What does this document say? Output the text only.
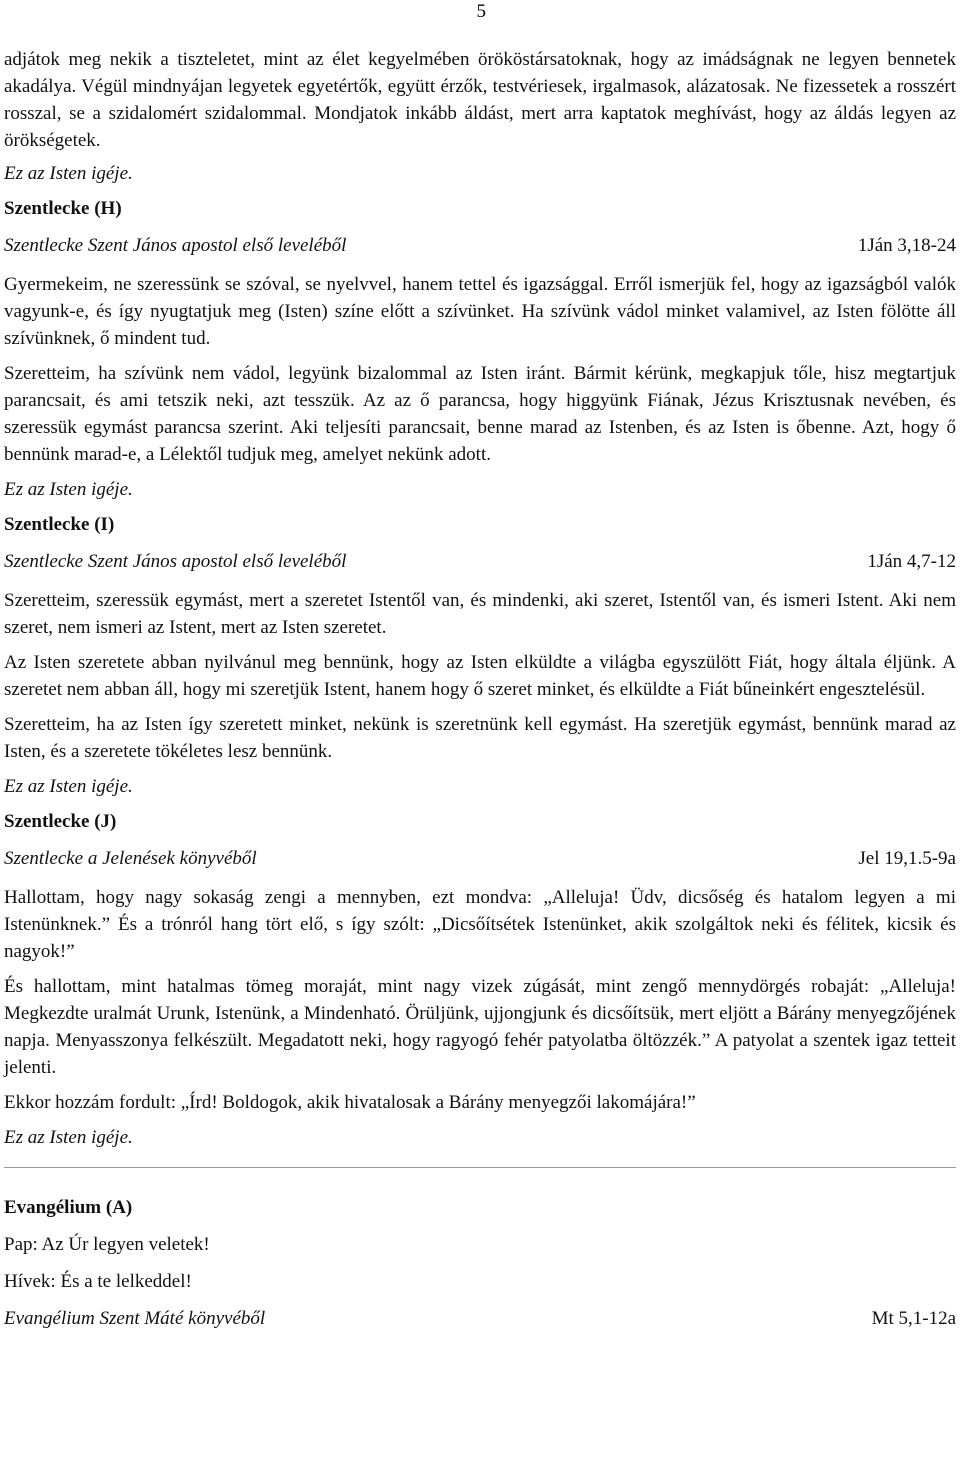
5

adjátok meg nekik a tiszteletet, mint az élet kegyelmében örököstársatoknak, hogy az imádságnak ne legyen bennetek akadálya. Végül mindnyájan legyetek egyetértők, együtt érzők, testvériesek, irgalmasok, alázatosak. Ne fizessetek a rosszért rosszal, se a szidalomért szidalommal. Mondjatok inkább áldást, mert arra kaptatok meghívást, hogy az áldás legyen az örökségetek.

Ez az Isten igéje.

Szentlecke (H)

Szentlecke Szent János apostol első leveléből	1Ján 3,18-24

Gyermekeim, ne szeressünk se szóval, se nyelvvel, hanem tettel és igazsággal. Erről ismerjük fel, hogy az igazságból valók vagyunk-e, és így nyugtatjuk meg (Isten) színe előtt a szívünket. Ha szívünk vádol minket valamivel, az Isten fölötte áll szívünknek, ő mindent tud.

Szeretteim, ha szívünk nem vádol, legyünk bizalommal az Isten iránt. Bármit kérünk, megkapjuk tőle, hisz megtartjuk parancsait, és ami tetszik neki, azt tesszük. Az az ő parancsa, hogy higgyünk Fiának, Jézus Krisztusnak nevében, és szeressük egymást parancsa szerint. Aki teljesíti parancsait, benne marad az Istenben, és az Isten is őbenne. Azt, hogy ő bennünk marad-e, a Lélektől tudjuk meg, amelyet nekünk adott.

Ez az Isten igéje.

Szentlecke (I)

Szentlecke Szent János apostol első leveléből	1Ján 4,7-12

Szeretteim, szeressük egymást, mert a szeretet Istentől van, és mindenki, aki szeret, Istentől van, és ismeri Istent. Aki nem szeret, nem ismeri az Istent, mert az Isten szeretet.

Az Isten szeretete abban nyilvánul meg bennünk, hogy az Isten elküldte a világba egyszülött Fiát, hogy általa éljünk. A szeretet nem abban áll, hogy mi szeretjük Istent, hanem hogy ő szeret minket, és elküldte a Fiát bűneinkért engesztelésül.

Szeretteim, ha az Isten így szeretett minket, nekünk is szeretnünk kell egymást. Ha szeretjük egymást, bennünk marad az Isten, és a szeretete tökéletes lesz bennünk.

Ez az Isten igéje.

Szentlecke (J)

Szentlecke a Jelenések könyvéből	Jel 19,1.5-9a

Hallottam, hogy nagy sokaság zengi a mennyben, ezt mondva: „Alleluja! Üdv, dicsőség és hatalom legyen a mi Istenünknek.” És a trónról hang tört elő, s így szólt: „Dicsőítsétek Istenünket, akik szolgáltok neki és félitek, kicsik és nagyok!”

És hallottam, mint hatalmas tömeg moraját, mint nagy vizek zúgását, mint zengő mennydörgés robaját: „Alleluja! Megkezdte uralmát Urunk, Istenünk, a Mindenható. Örüljünk, ujjongjunk és dicsőítsük, mert eljött a Bárány menyegzőjének napja. Menyasszonya felkészült. Megadatott neki, hogy ragyogó fehér patyolatba öltözzék.” A patyolat a szentek igaz tetteit jelenti.

Ekkor hozzám fordult: „Írd! Boldogok, akik hivatalosak a Bárány menyegzői lakomájára!”

Ez az Isten igéje.

Evangélium (A)

Pap: Az Úr legyen veletek!

Hívek: És a te lelkeddel!

Evangélium Szent Máté könyvéből	Mt 5,1-12a
